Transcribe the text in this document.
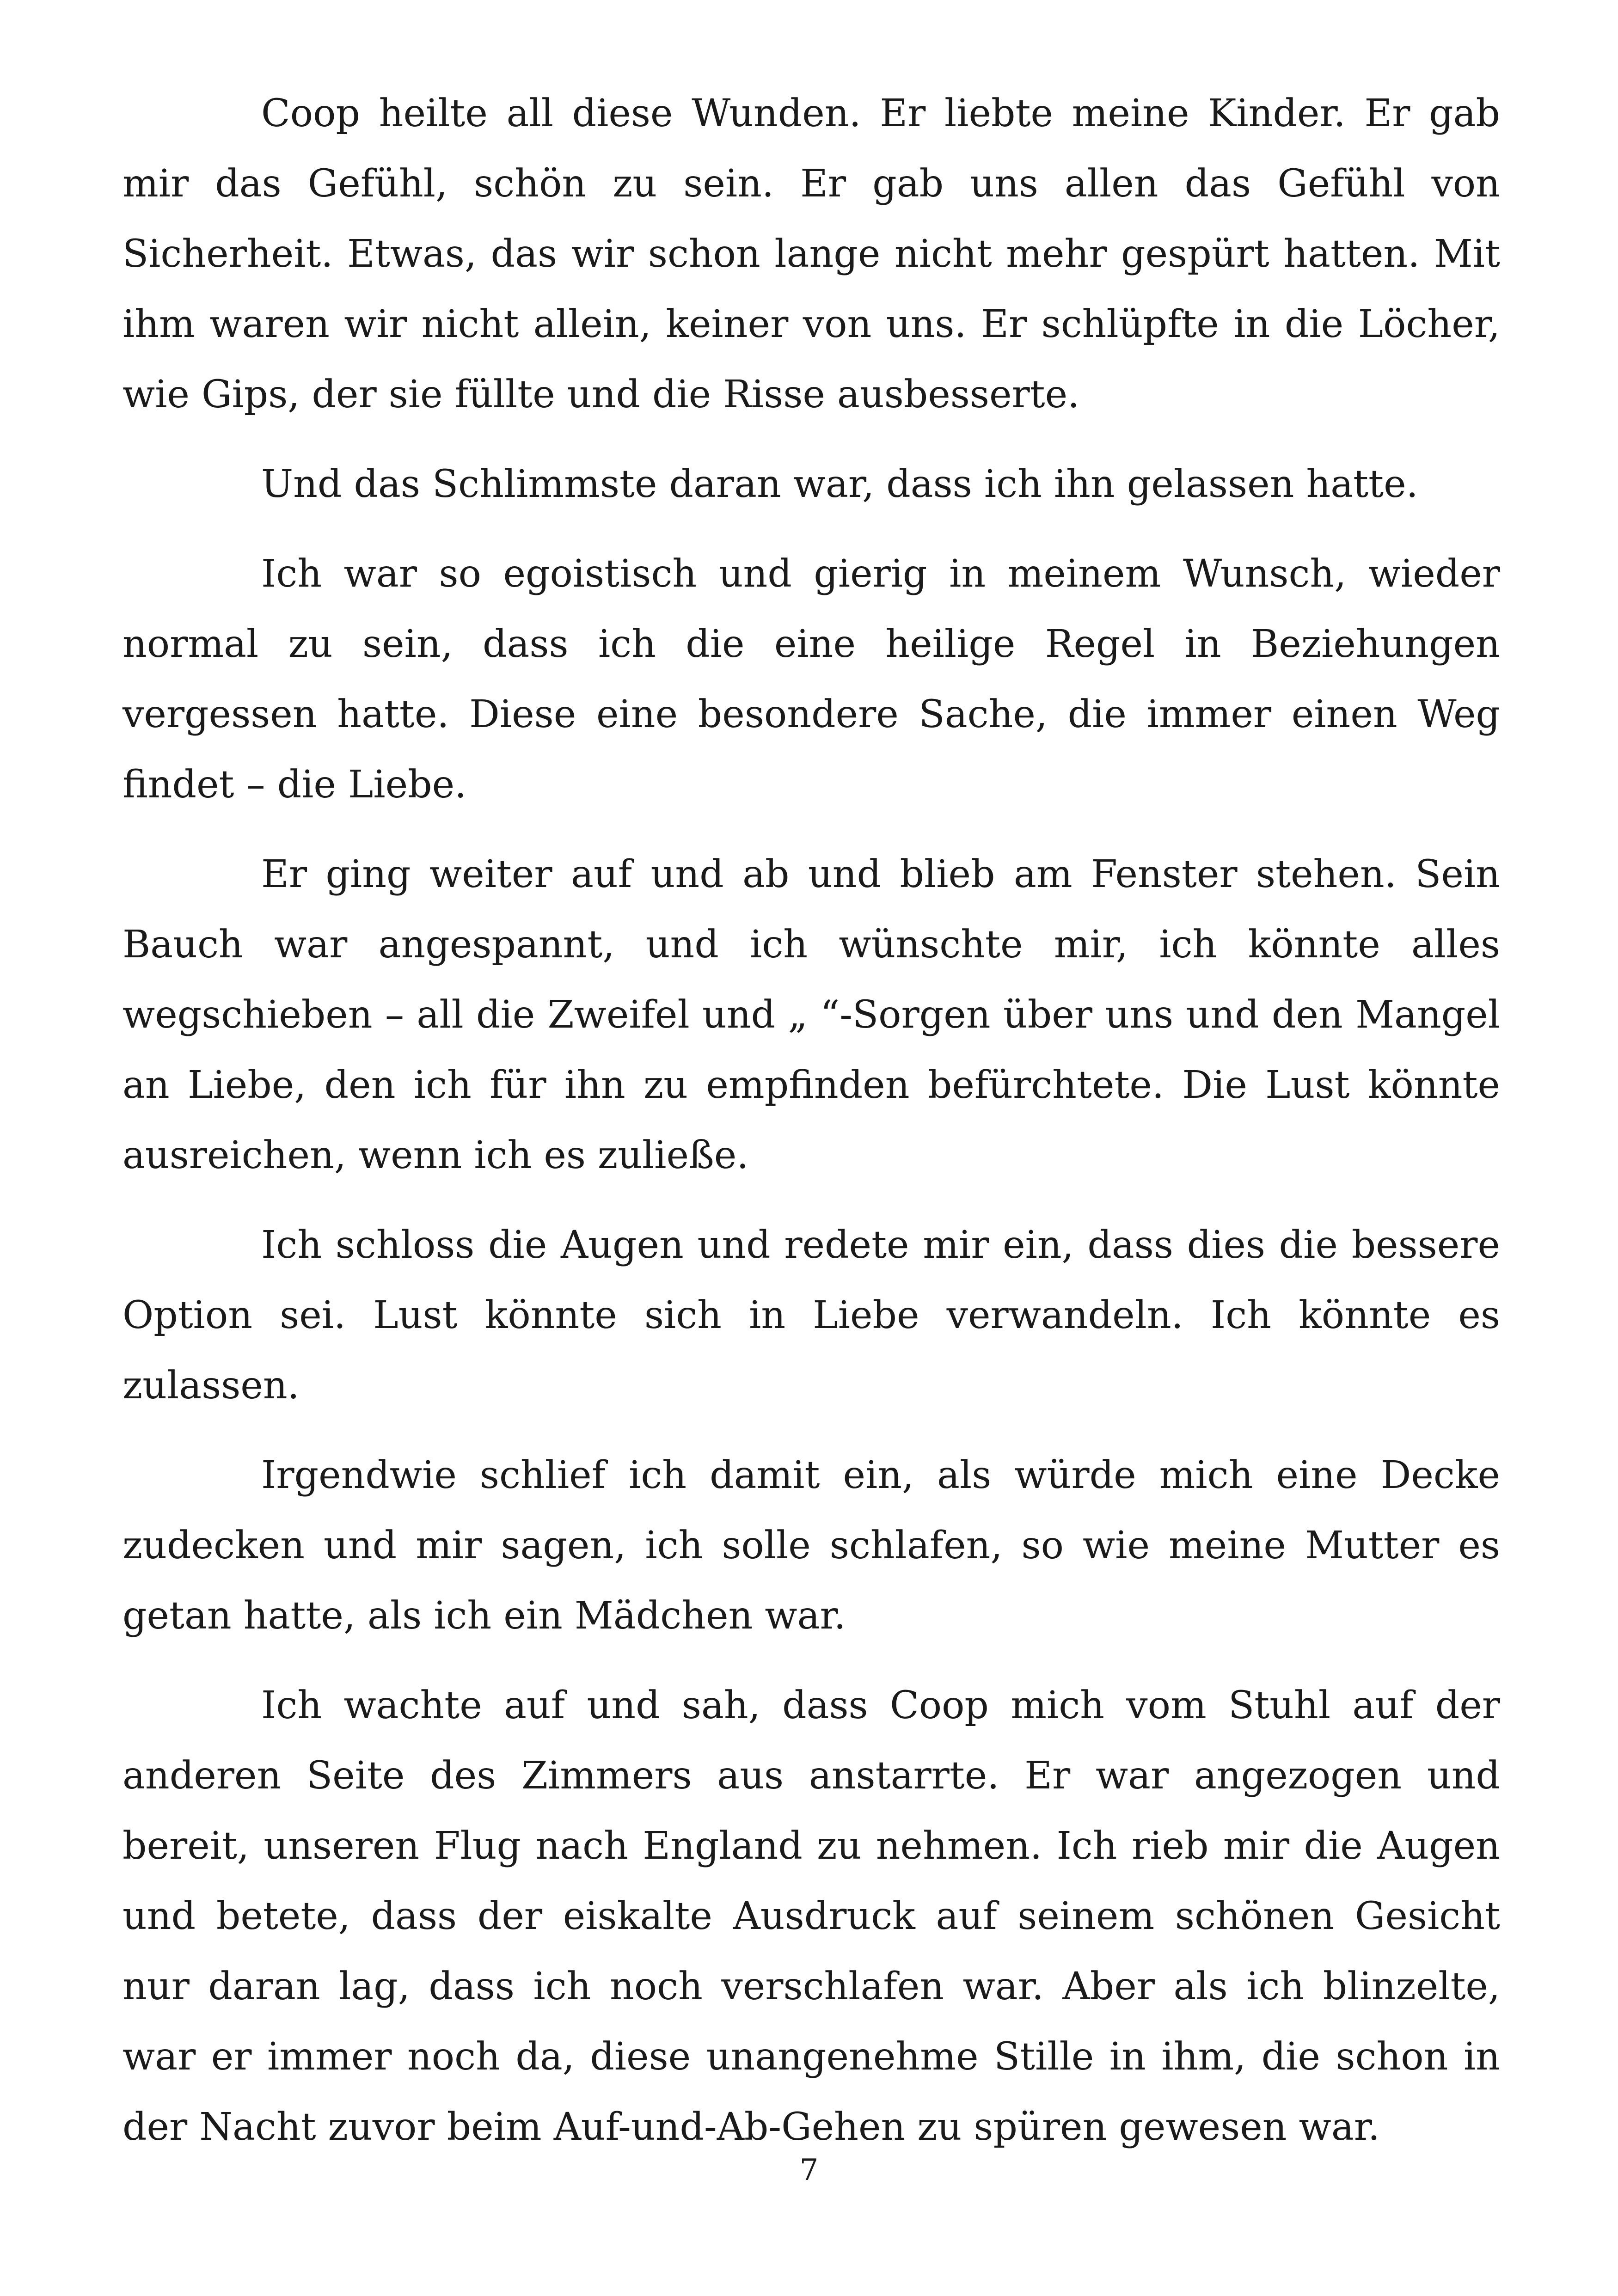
Coop heilte all diese Wunden. Er liebte meine Kinder. Er gab mir das Gefühl, schön zu sein. Er gab uns allen das Gefühl von Sicherheit. Etwas, das wir schon lange nicht mehr gespürt hatten. Mit ihm waren wir nicht allein, keiner von uns. Er schlüpfte in die Löcher, wie Gips, der sie füllte und die Risse ausbesserte.

Und das Schlimmste daran war, dass ich ihn gelassen hatte.

Ich war so egoistisch und gierig in meinem Wunsch, wieder normal zu sein, dass ich die eine heilige Regel in Beziehungen vergessen hatte. Diese eine besondere Sache, die immer einen Weg findet – die Liebe.

Er ging weiter auf und ab und blieb am Fenster stehen. Sein Bauch war angespannt, und ich wünschte mir, ich könnte alles wegschieben – all die Zweifel und „ “-Sorgen über uns und den Mangel an Liebe, den ich für ihn zu empfinden befürchtete. Die Lust könnte ausreichen, wenn ich es zuließe.

Ich schloss die Augen und redete mir ein, dass dies die bessere Option sei. Lust könnte sich in Liebe verwandeln. Ich könnte es zulassen.

Irgendwie schlief ich damit ein, als würde mich eine Decke zudecken und mir sagen, ich solle schlafen, so wie meine Mutter es getan hatte, als ich ein Mädchen war.

Ich wachte auf und sah, dass Coop mich vom Stuhl auf der anderen Seite des Zimmers aus anstarrte. Er war angezogen und bereit, unseren Flug nach England zu nehmen. Ich rieb mir die Augen und betete, dass der eiskalte Ausdruck auf seinem schönen Gesicht nur daran lag, dass ich noch verschlafen war. Aber als ich blinzelte, war er immer noch da, diese unangenehme Stille in ihm, die schon in der Nacht zuvor beim Auf-und-Ab-Gehen zu spüren gewesen war.

7
